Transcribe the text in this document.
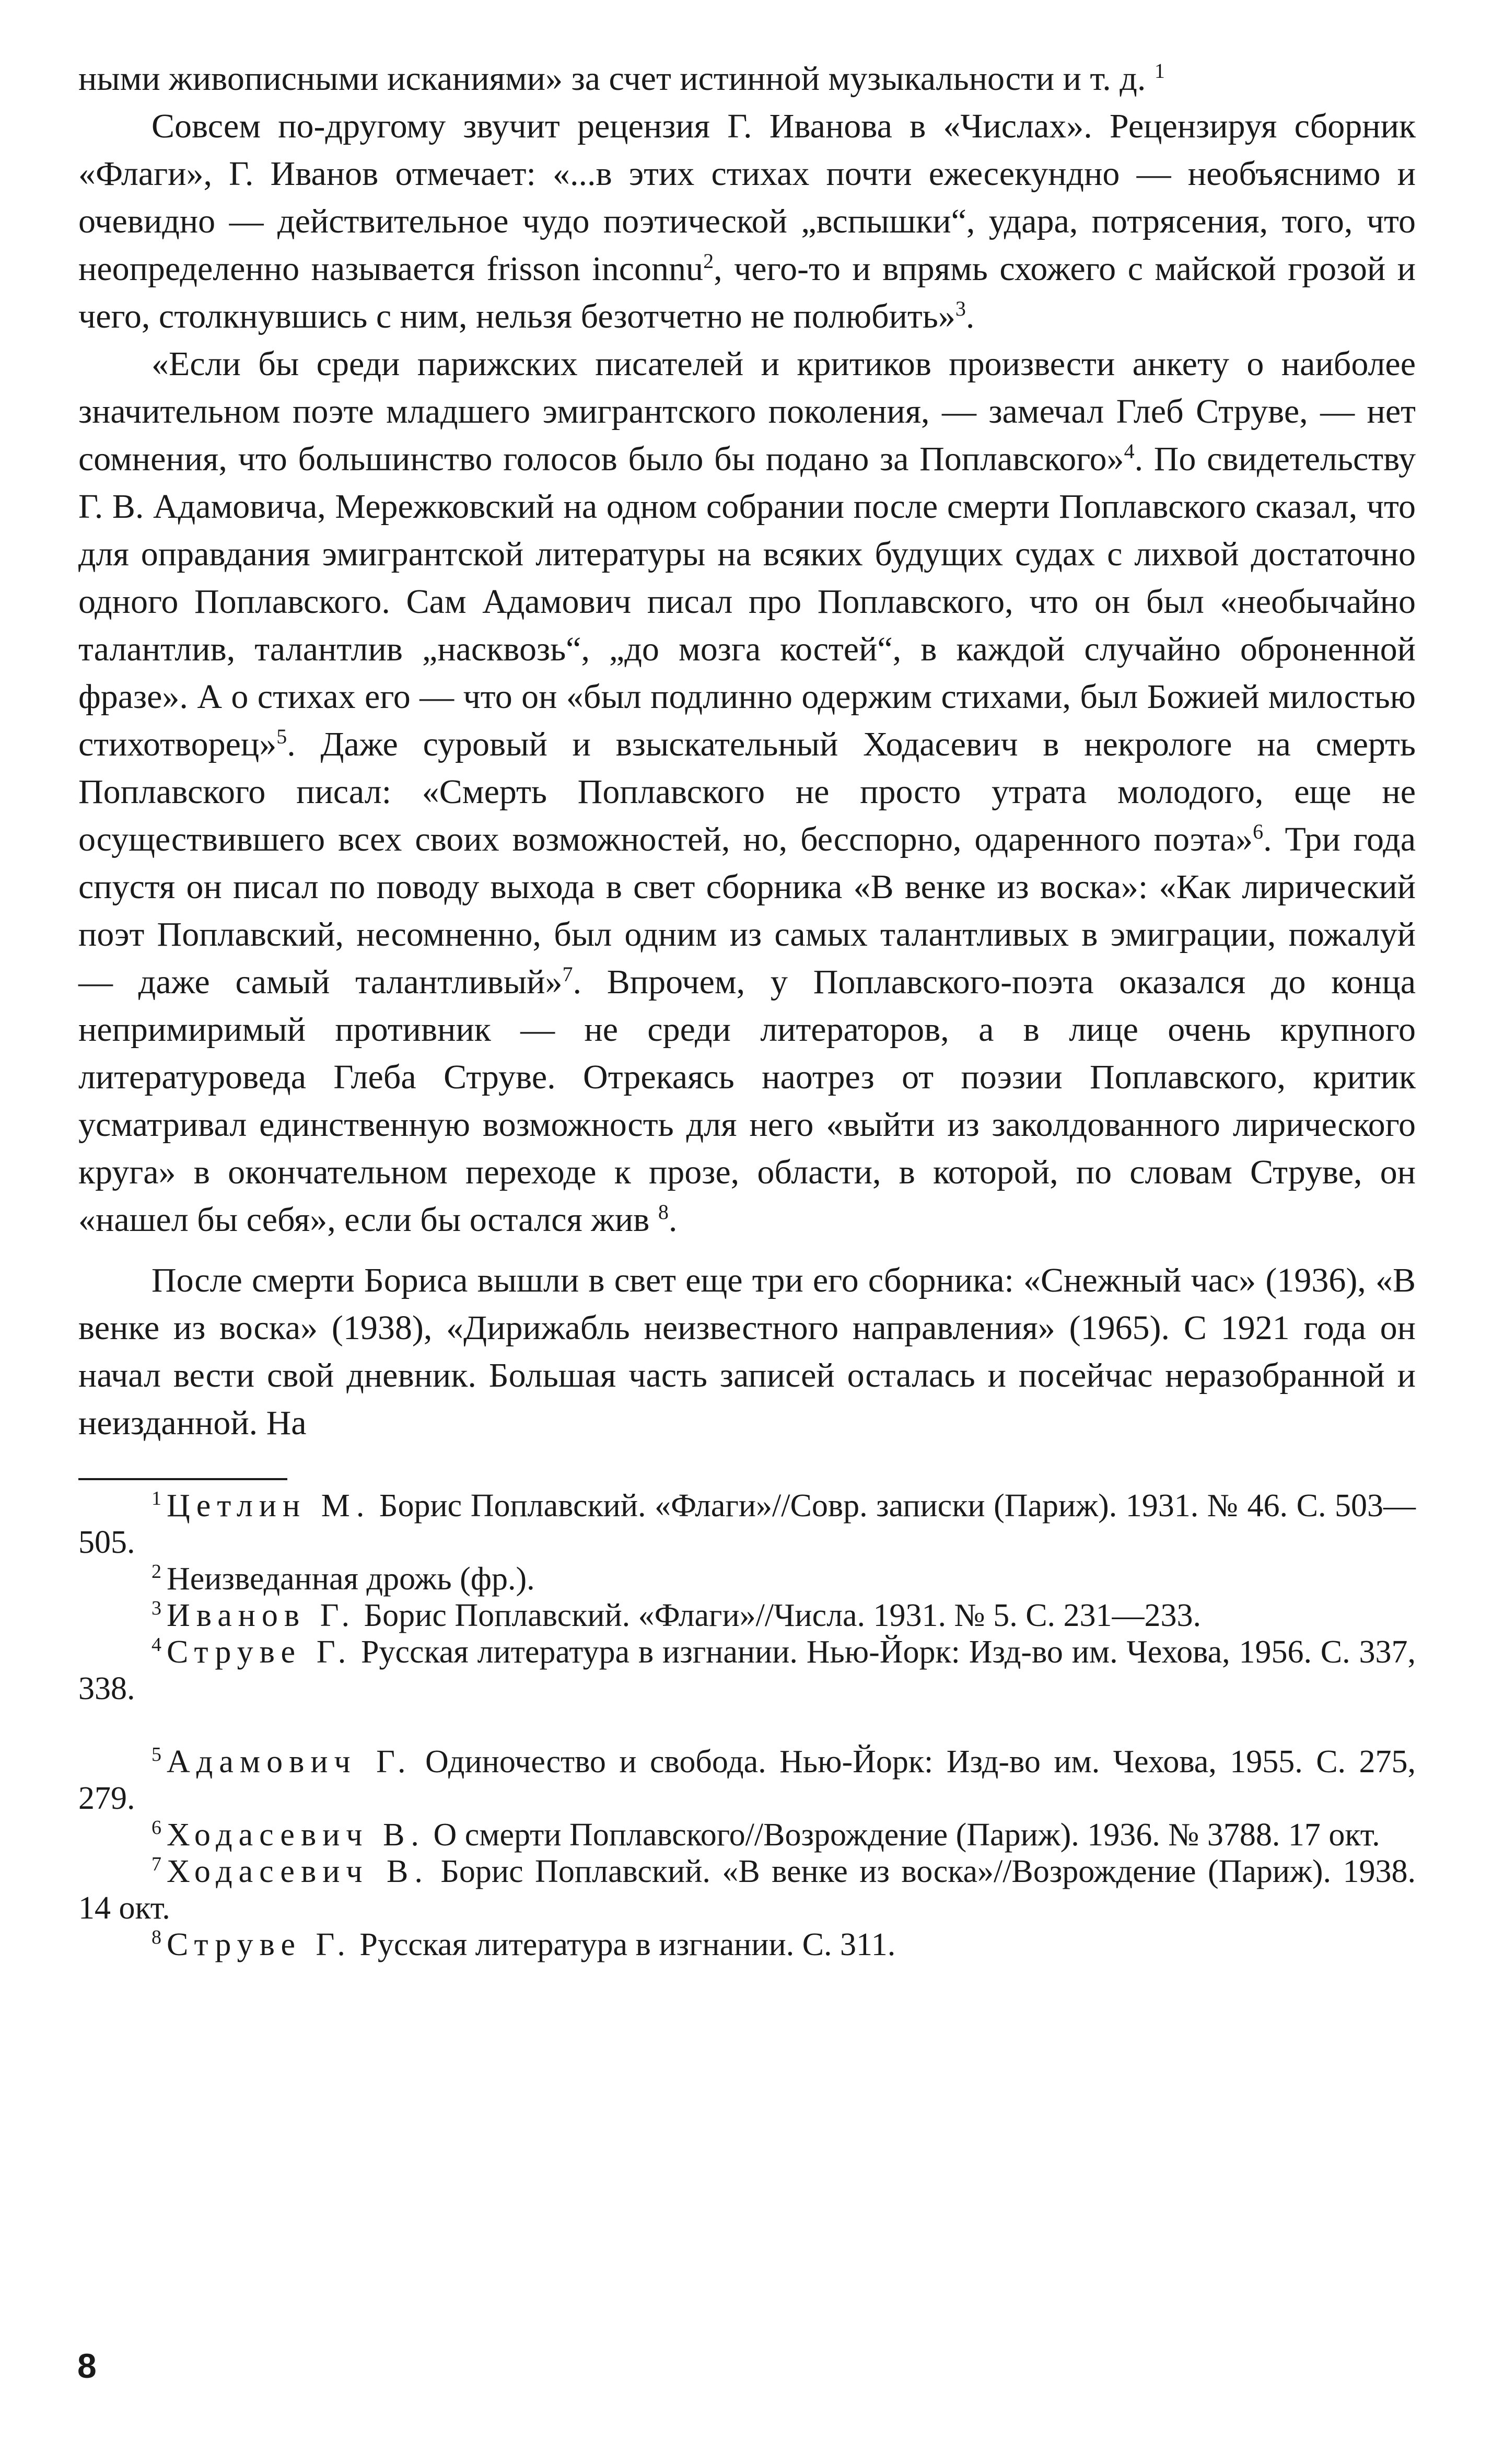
ными живописными исканиями» за счет истинной музыкальности и т. д. $^1$

Совсем по-другому звучит рецензия Г. Иванова в «Числах». Рецензируя сборник «Флаги», Г. Иванов отмечает: «...в этих стихах почти ежесекундно — необъяснимо и очевидно — действительное чудо поэтической „вспышки“, удара, потрясения, того, что неопределенно называется frisson inconnu$^2$, чего-то и впрямь схожего с майской грозой и чего, столкнувшись с ним, нельзя безотчетно не полюбить»$^3$.

«Если бы среди парижских писателей и критиков произвести анкету о наиболее значительном поэте младшего эмигрантского поколения, — замечал Глеб Струве, — нет сомнения, что большинство голосов было бы подано за Поплавского»$^4$. По свидетельству Г. В. Адамовича, Мережковский на одном собрании после смерти Поплавского сказал, что для оправдания эмигрантской литературы на всяких будущих судах с лихвой достаточно одного Поплавского. Сам Адамович писал про Поплавского, что он был «необычайно талантлив, талантлив „насквозь“, „до мозга костей“, в каждой случайно оброненной фразе». А о стихах его — что он «был подлинно одержим стихами, был Божией милостью стихотворец»$^5$. Даже суровый и взыскательный Ходасевич в некрологе на смерть Поплавского писал: «Смерть Поплавского не просто утрата молодого, еще не осуществившего всех своих возможностей, но, бесспорно, одаренного поэта»$^6$. Три года спустя он писал по поводу выхода в свет сборника «В венке из воска»: «Как лирический поэт Поплавский, несомненно, был одним из самых талантливых в эмиграции, пожалуй — даже самый талантливый»$^7$. Впрочем, у Поплавского-поэта оказался до конца непримиримый противник — не среди литераторов, а в лице очень крупного литературоведа Глеба Струве. Отрекаясь наотрез от поэзии Поплавского, критик усматривал единственную возможность для него «выйти из заколдованного лирического круга» в окончательном переходе к прозе, области, в которой, по словам Струве, он «нашел бы себя», если бы остался жив $^8$.

После смерти Бориса вышли в свет еще три его сборника: «Снежный час» (1936), «В венке из воска» (1938), «Дирижабль неизвестного направления» (1965). С 1921 года он начал вести свой дневник. Большая часть записей осталась и посейчас неразобранной и неизданной. На

$^1$ Цетлин М. Борис Поплавский. «Флаги»//Совр. записки (Париж). 1931. № 46. С. 503—505.

$^2$ Неизведанная дрожь (фр.).

$^3$ Иванов Г. Борис Поплавский. «Флаги»//Числа. 1931. № 5. С. 231—233.

$^4$ Струве Г. Русская литература в изгнании. Нью-Йорк: Изд-во им. Чехова, 1956. С. 337, 338.

$^5$ Адамович Г. Одиночество и свобода. Нью-Йорк: Изд-во им. Чехова, 1955. С. 275, 279.

$^6$ Ходасевич В. О смерти Поплавского//Возрождение (Париж). 1936. № 3788. 17 окт.

$^7$ Ходасевич В. Борис Поплавский. «В венке из воска»//Возрождение (Париж). 1938. 14 окт.

$^8$ Струве Г. Русская литература в изгнании. С. 311.

8
